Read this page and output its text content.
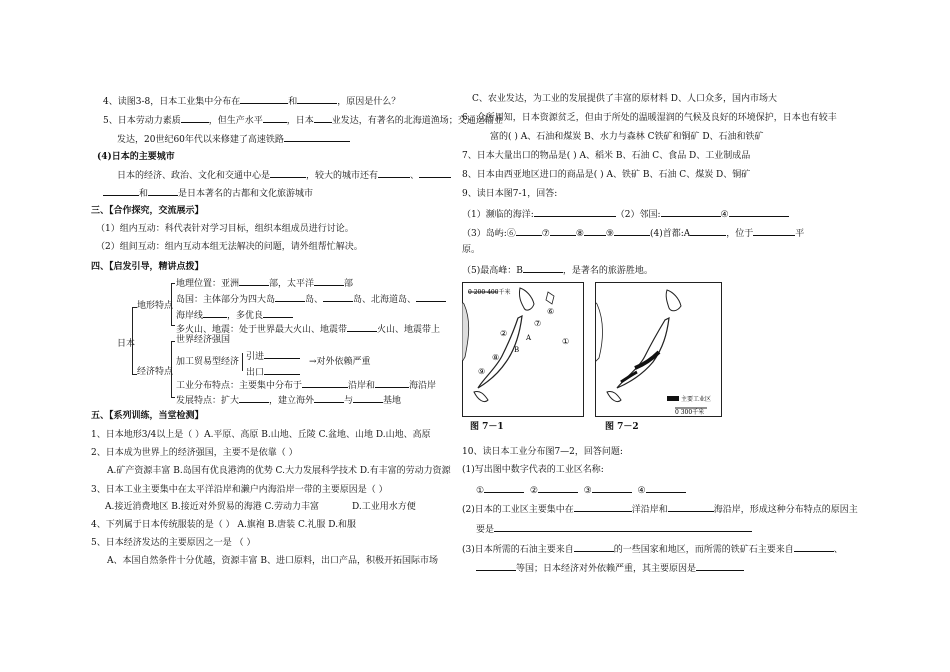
4、读图3-8，日本工业集中分布在	和	，原因是什么？
5、日本劳动力素质	，但生产水平	，日本 业发达，有著名的北海道渔场；交通运输业
发达，20世纪60年代以来修建了高速铁路
(4)日本的主要城市
日本的经济、政治、文化和交通中心是	，较大的城市还有	、
和	是日本著名的古都和文化旅游城市
三、【合作探究，交流展示】
（1）组内互动：科代表针对学习目标，组织本组成员进行讨论。
（2）组间互动：组内互动本组无法解决的问题，请外组帮忙解决。
四、【启发引导，精讲点拨】
日本
地形特点
经济特点
地理位置：亚洲	部，太平洋	部
岛国：主体部分为四大岛	岛、	岛、北海道岛、
海岸线	，多优良
多火山、地震：处于世界最大火山、地震带	火山、地震带上
世界经济强国
加工贸易型经济 引进
出口
→对外依赖严重
工业分布特点：主要集中分布于	沿岸和	海沿岸
发展特点：扩大	，建立海外	与	基地
五、【系列训练，当堂检测】
1、日本地形3/4以上是（ ）A.平原、高原 B.山地、丘陵 C.盆地、山地 D.山地、高原
2、日本成为世界上的经济强国，主要不是依靠（ ）
A.矿产资源丰富 B.岛国有优良港湾的优势 C.大力发展科学技术 D.有丰富的劳动力资源
3、日本工业主要集中在太平洋沿岸和濑户内海沿岸一带的主要原因是（ ）
A.接近消费地区 B.接近对外贸易的海港 C.劳动力丰富	D.工业用水方便
4、下列属于日本传统服装的是（ ） A.旗袍 B.唐装 C.礼服 D.和服
5、日本经济发达的主要原因之一是 （ ）
A、本国自然条件十分优越，资源丰富 B、进口原料，出口产品，积极开拓国际市场
C、农业发达，为工业的发展提供了丰富的原材料 D、人口众多，国内市场大
6、众所周知，日本资源贫乏，但由于所处的温暖湿润的气候及良好的环境保护，日本也有较丰
富的( ) A、石油和煤炭 B、水力与森林 C铁矿和铜矿 D、石油和铁矿
7、日本大量出口的物品是( ) A、稻米 B、石油 C、食品 D、工业制成品
8、日本由西亚地区进口的商品是( ) A、铁矿 B、石油 C、煤炭 D、铜矿
9、读日本图7-1，回答:
（1）濒临的海洋:	（2）邻国:	④
（3）岛屿:⑥	⑦	⑧ ⑨	(4)首都:A	，位于	平
原。
（5)最高峰：B	，是著名的旅游胜地。
0 200 400千米
⑥
⑦
②	A
⑧
B
⑨
①
图 7－1
主要工业区
0 300千米
图 7－2
10、读日本工业分布图7—2，回答问题:
(1)写出图中数字代表的工业区名称:
①	②	③	④
(2)日本的工业区主要集中在	洋沿岸和	海沿岸，形成这种分布特点的原因主
要是
(3)日本所需的石油主要来自	的一些国家和地区，而所需的铁矿石主要来自	、
等国；日本经济对外依赖严重，其主要原因是
